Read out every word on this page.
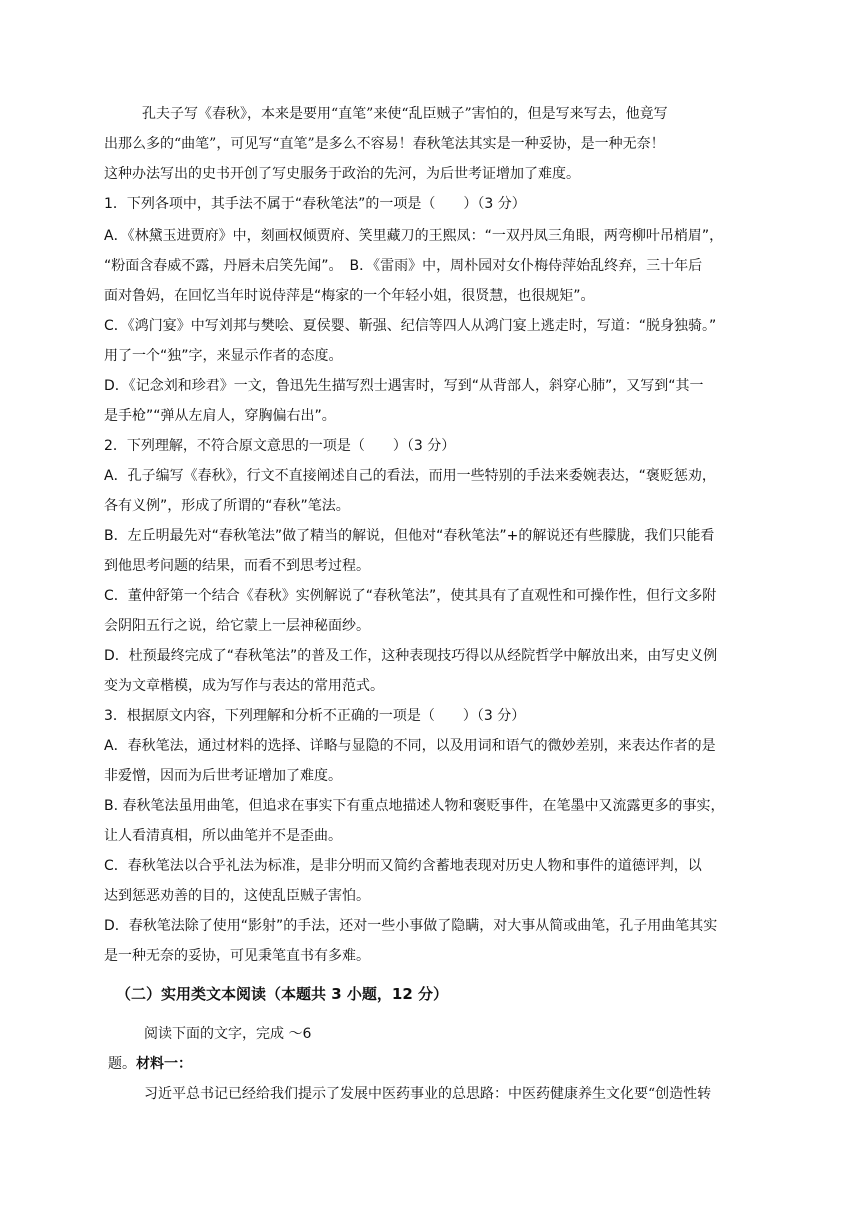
孔夫子写《春秋》，本来是要用“直笔”来使“乱臣贼子”害怕的，但是写来写去，他竟写
出那么多的“曲笔”，可见写“直笔”是多么不容易！春秋笔法其实是一种妥协，是一种无奈！
这种办法写出的史书开创了写史服务于政治的先河，为后世考证增加了难度。
1．下列各项中，其手法不属于“春秋笔法”的一项是（　　）（3 分）
A．《林黛玉进贾府》中，刻画权倾贾府、笑里藏刀的王熙凤：“一双丹凤三角眼，两弯柳叶吊梢眉”，
“粉面含春威不露，丹唇未启笑先闻”。　B．《雷雨》中，周朴园对女仆梅侍萍始乱终弃，三十年后
面对鲁妈，在回忆当年时说侍萍是“梅家的一个年轻小姐，很贤慧，也很规矩”。
C．《鸿门宴》中写刘邦与樊哙、夏侯婴、靳强、纪信等四人从鸿门宴上逃走时，写道：“脱身独骑。”
用了一个“独”字，来显示作者的态度。
D．《记念刘和珍君》一文，鲁迅先生描写烈士遇害时，写到“从背部人，斜穿心肺”，又写到“其一
是手枪”“弹从左肩人，穿胸偏右出”。
2．下列理解，不符合原文意思的一项是（　　）（3 分）
A．孔子编写《春秋》，行文不直接阐述自己的看法，而用一些特别的手法来委婉表达，“褒贬惩劝，
各有义例”，形成了所谓的“春秋”笔法。
B．左丘明最先对“春秋笔法”做了精当的解说，但他对“春秋笔法”+的解说还有些朦胧，我们只能看
到他思考问题的结果，而看不到思考过程。
C．董仲舒第一个结合《春秋》实例解说了“春秋笔法”，使其具有了直观性和可操作性，但行文多附
会阴阳五行之说，给它蒙上一层神秘面纱。
D．杜预最终完成了“春秋笔法”的普及工作，这种表现技巧得以从经院哲学中解放出来，由写史义例
变为文章楷模，成为写作与表达的常用范式。
3．根据原文内容，下列理解和分析不正确的一项是（　　）（3 分）
A．春秋笔法，通过材料的选择、详略与显隐的不同，以及用词和语气的微妙差别，来表达作者的是
非爱憎，因而为后世考证增加了难度。
B. 春秋笔法虽用曲笔，但追求在事实下有重点地描述人物和褒贬事件，在笔墨中又流露更多的事实，
让人看清真相，所以曲笔并不是歪曲。
C．春秋笔法以合乎礼法为标准，是非分明而又简约含蓄地表现对历史人物和事件的道德评判，以
达到惩恶劝善的目的，这使乱臣贼子害怕。
D．春秋笔法除了使用“影射”的手法，还对一些小事做了隐瞒，对大事从简或曲笔，孔子用曲笔其实
是一种无奈的妥协，可见秉笔直书有多难。
（二）实用类文本阅读（本题共 3 小题，12 分）
阅读下面的文字，完成 ～6
题。 材料一：
习近平总书记已经给我们提示了发展中医药事业的总思路：中医药健康养生文化要“创造性转
